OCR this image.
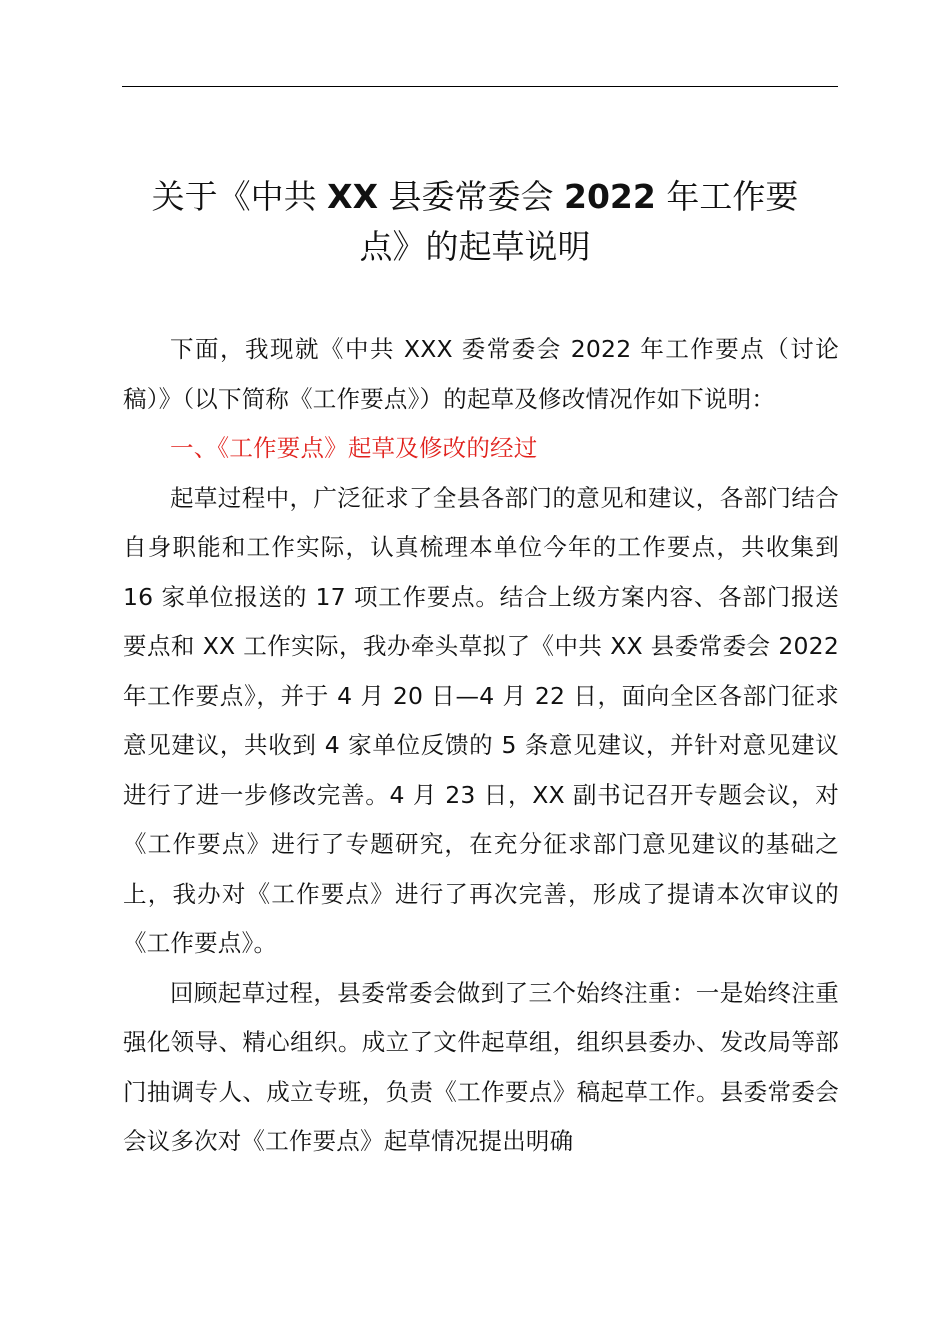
关于《中共 XX 县委常委会 2022 年工作要
点》的起草说明

下面，我现就《中共 XXX 委常委会 2022 年工作要点（讨论稿）》（以下简称《工作要点》）的起草及修改情况作如下说明：

一、《工作要点》起草及修改的经过

起草过程中，广泛征求了全县各部门的意见和建议，各部门结合自身职能和工作实际，认真梳理本单位今年的工作要点，共收集到 16 家单位报送的 17 项工作要点。结合上级方案内容、各部门报送要点和 XX 工作实际，我办牵头草拟了《中共 XX 县委常委会 2022 年工作要点》，并于 4 月 20 日—4 月 22 日，面向全区各部门征求意见建议，共收到 4 家单位反馈的 5 条意见建议，并针对意见建议进行了进一步修改完善。4 月 23 日，XX 副书记召开专题会议，对《工作要点》进行了专题研究，在充分征求部门意见建议的基础之上，我办对《工作要点》进行了再次完善，形成了提请本次审议的《工作要点》。

回顾起草过程，县委常委会做到了三个始终注重：一是始终注重强化领导、精心组织。成立了文件起草组，组织县委办、发改局等部门抽调专人、成立专班，负责《工作要点》稿起草工作。县委常委会会议多次对《工作要点》起草情况提出明确
